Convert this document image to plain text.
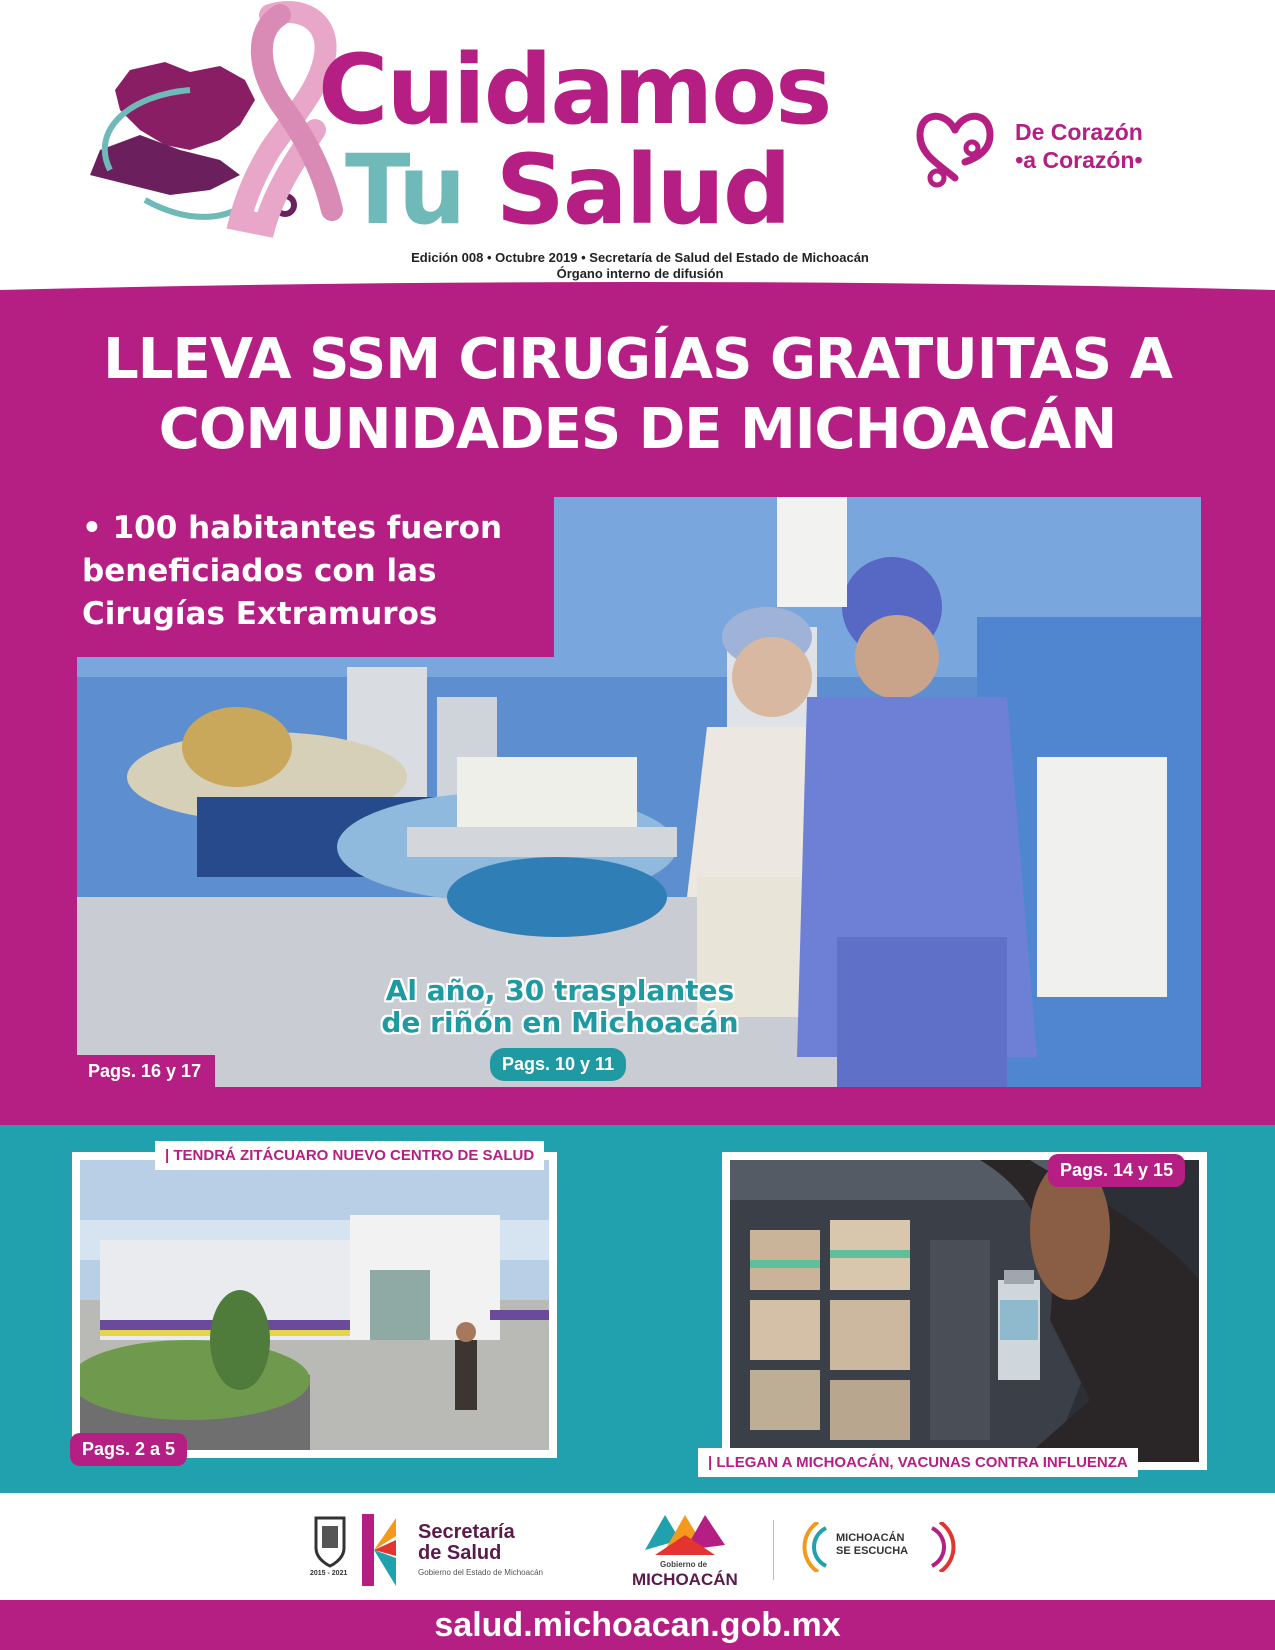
Cuidamos
Tu Salud
Edición 008 • Octubre 2019 • Secretaría de Salud del Estado de Michoacán
Órgano interno de difusión
De Corazón
•a Corazón•
LLEVA SSM CIRUGÍAS GRATUITAS A
COMUNIDADES DE MICHOACÁN
• 100 habitantes fueron
beneficiados con las
Cirugías Extramuros
Al año, 30 trasplantes
de riñón en Michoacán
Pags. 16 y 17	Pags. 10 y 11
| TENDRÁ ZITÁCUARO NUEVO CENTRO DE SALUD
Pags. 2 a 5
Pags. 14 y 15
| LLEGAN A MICHOACÁN, VACUNAS CONTRA INFLUENZA
2015 - 2021
Secretaría
de Salud
Gobierno del Estado de Michoacán
Gobierno de
MICHOACÁN
MICHOACÁN
SE ESCUCHA
salud.michoacan.gob.mx
